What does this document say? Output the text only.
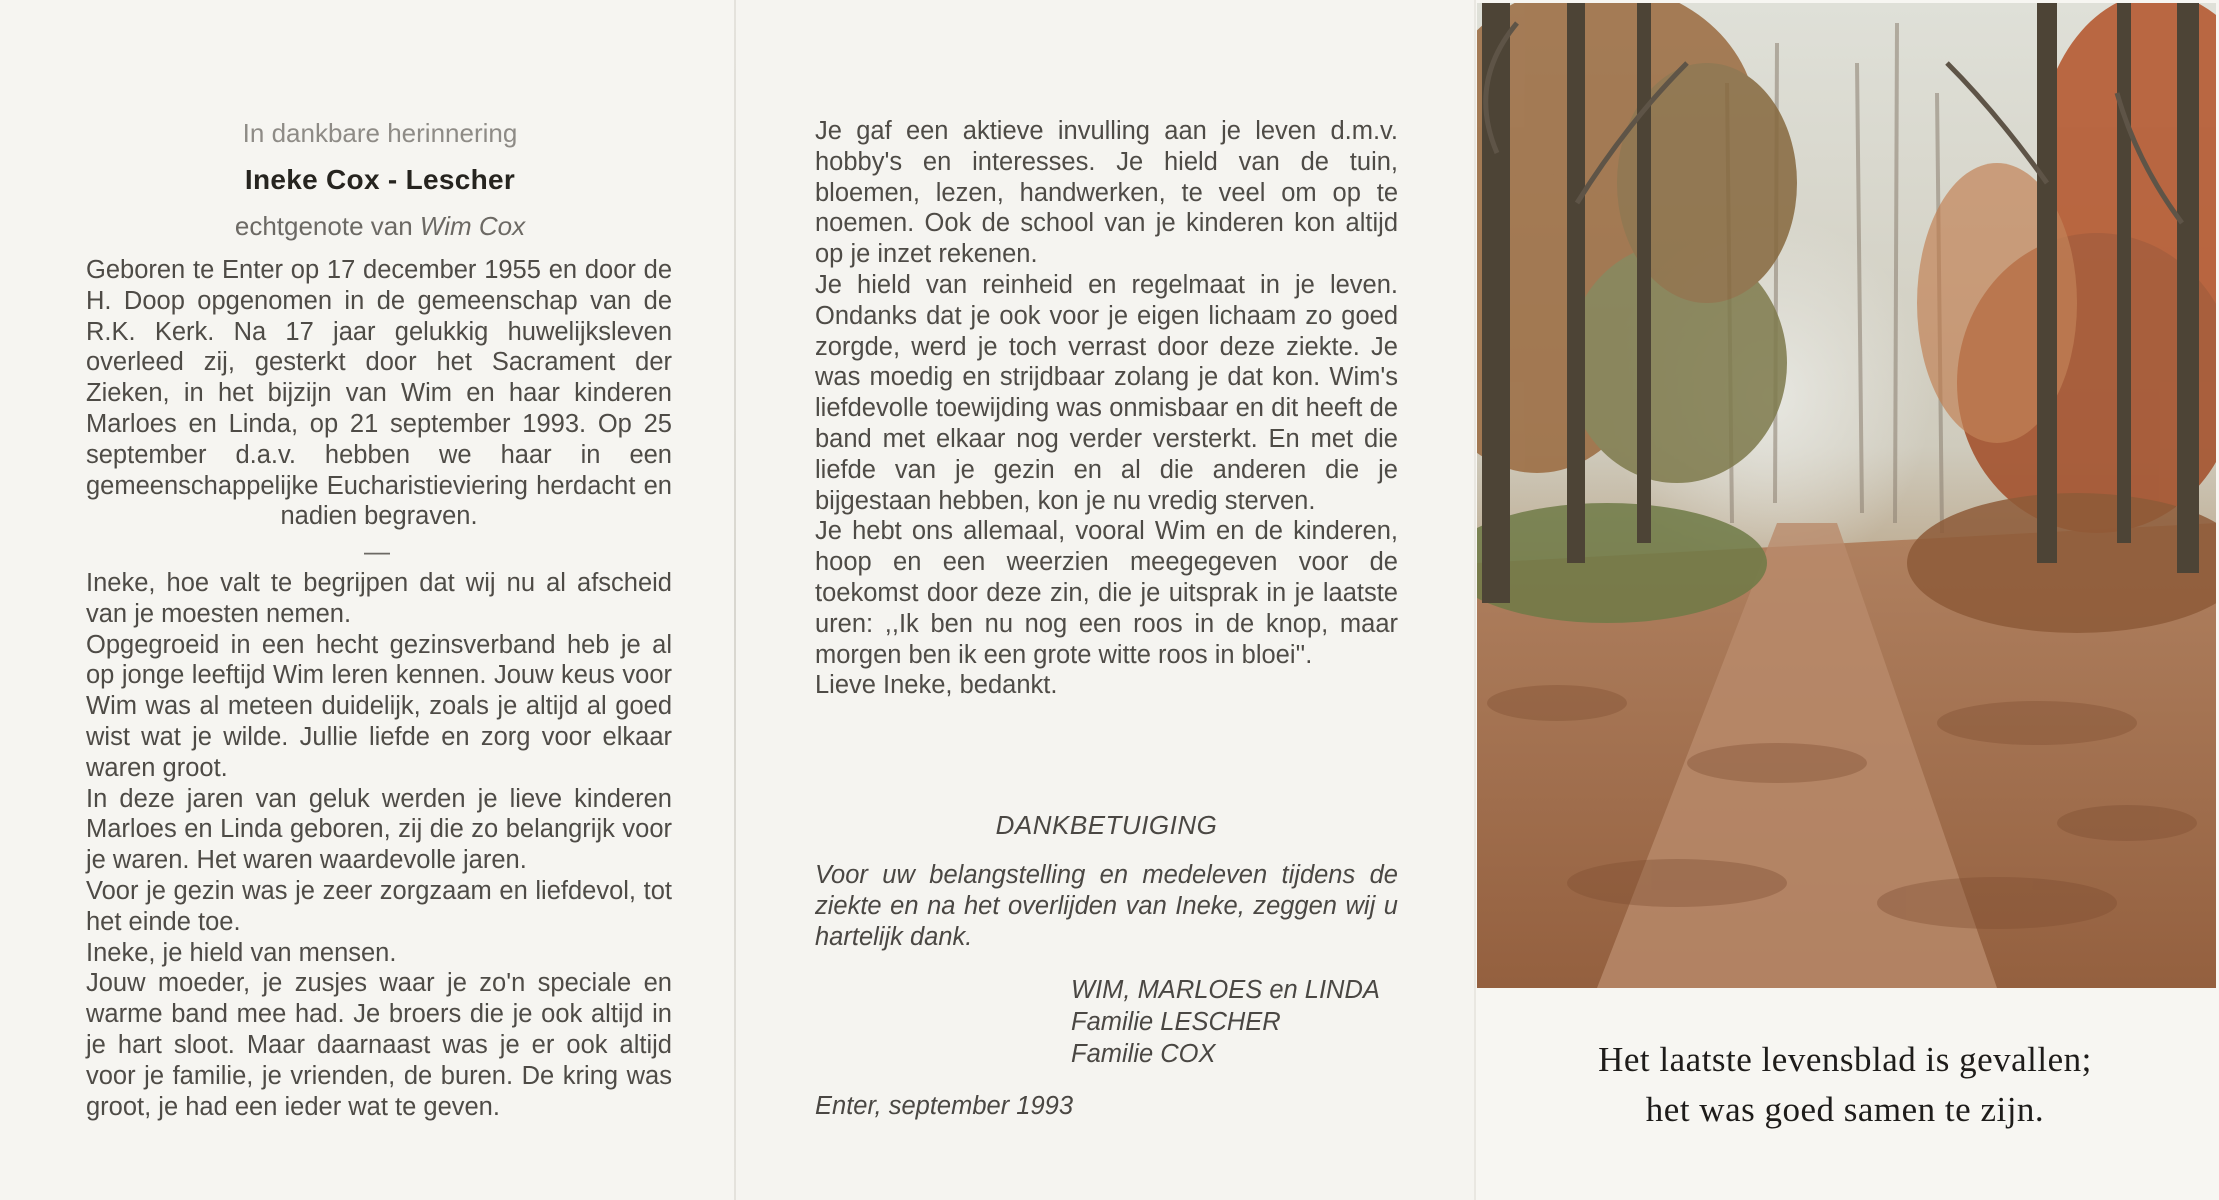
In dankbare herinnering
Ineke Cox - Lescher
echtgenote van Wim Cox

Geboren te Enter op 17 december 1955 en door de H. Doop opgenomen in de gemeenschap van de R.K. Kerk. Na 17 jaar gelukkig huwelijksleven overleed zij, gesterkt door het Sacrament der Zieken, in het bijzijn van Wim en haar kinderen Marloes en Linda, op 21 september 1993. Op 25 september d.a.v. hebben we haar in een gemeenschappelijke Eucharistieviering herdacht en nadien begraven.

—

Ineke, hoe valt te begrijpen dat wij nu al afscheid van je moesten nemen.

Opgegroeid in een hecht gezinsverband heb je al op jonge leeftijd Wim leren kennen. Jouw keus voor Wim was al meteen duidelijk, zoals je altijd al goed wist wat je wilde. Jullie liefde en zorg voor elkaar waren groot.

In deze jaren van geluk werden je lieve kinderen Marloes en Linda geboren, zij die zo belangrijk voor je waren. Het waren waardevolle jaren.

Voor je gezin was je zeer zorgzaam en liefdevol, tot het einde toe.

Ineke, je hield van mensen.

Jouw moeder, je zusjes waar je zo'n speciale en warme band mee had. Je broers die je ook altijd in je hart sloot. Maar daarnaast was je er ook altijd voor je familie, je vrienden, de buren. De kring was groot, je had een ieder wat te geven.

Je gaf een aktieve invulling aan je leven d.m.v. hobby's en interesses. Je hield van de tuin, bloemen, lezen, handwerken, te veel om op te noemen. Ook de school van je kinderen kon altijd op je inzet rekenen.

Je hield van reinheid en regelmaat in je leven. Ondanks dat je ook voor je eigen lichaam zo goed zorgde, werd je toch verrast door deze ziekte. Je was moedig en strijdbaar zolang je dat kon. Wim's liefdevolle toewijding was onmisbaar en dit heeft de band met elkaar nog verder versterkt. En met die liefde van je gezin en al die anderen die je bijgestaan hebben, kon je nu vredig sterven.

Je hebt ons allemaal, vooral Wim en de kinderen, hoop en een weerzien meegegeven voor de toekomst door deze zin, die je uitsprak in je laatste uren: ,,Ik ben nu nog een roos in de knop, maar morgen ben ik een grote witte roos in bloei''.

Lieve Ineke, bedankt.

DANKBETUIGING
Voor uw belangstelling en medeleven tijdens de ziekte en na het overlijden van Ineke, zeggen wij u hartelijk dank.
WIM, MARLOES en LINDA
Familie LESCHER
Familie COX
Enter, september 1993
Het laatste levensblad is gevallen;
het was goed samen te zijn.
